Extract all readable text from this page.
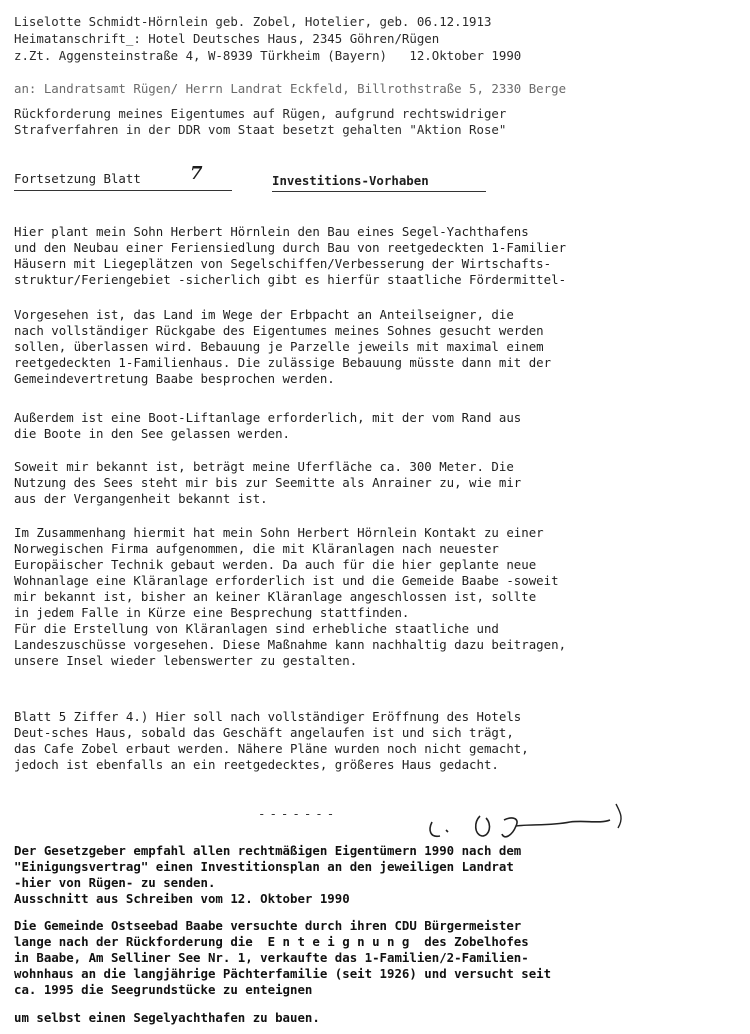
Liselotte Schmidt-Hörnlein geb. Zobel, Hotelier, geb. 06.12.1913
Heimatanschrift_: Hotel Deutsches Haus, 2345 Göhren/Rügen
z.Zt. Aggensteinstraße 4, W-8939 Türkheim (Bayern)   12.Oktober 1990
an: Landratsamt Rügen/ Herrn Landrat Eckfeld, Billrothstraße 5, 2330 Berge
Rückforderung meines Eigentumes auf Rügen, aufgrund rechtswidriger
Strafverfahren in der DDR vom Staat besetzt gehalten "Aktion Rose"
Fortsetzung Blatt	7	Investitions-Vorhaben
Hier plant mein Sohn Herbert Hörnlein den Bau eines Segel-Yachthafens
und den Neubau einer Feriensiedlung durch Bau von reetgedeckten 1-Familier
Häusern mit Liegeplätzen von Segelschiffen/Verbesserung der Wirtschafts-
struktur/Feriengebiet -sicherlich gibt es hierfür staatliche Fördermittel-
Vorgesehen ist, das Land im Wege der Erbpacht an Anteilseigner, die
nach vollständiger Rückgabe des Eigentumes meines Sohnes gesucht werden
sollen, überlassen wird. Bebauung je Parzelle jeweils mit maximal einem
reetgedeckten 1-Familienhaus. Die zulässige Bebauung müsste dann mit der
Gemeindevertretung Baabe besprochen werden.
Außerdem ist eine Boot-Liftanlage erforderlich, mit der vom Rand aus
die Boote in den See gelassen werden.
Soweit mir bekannt ist, beträgt meine Uferfläche ca. 300 Meter. Die
Nutzung des Sees steht mir bis zur Seemitte als Anrainer zu, wie mir
aus der Vergangenheit bekannt ist.
Im Zusammenhang hiermit hat mein Sohn Herbert Hörnlein Kontakt zu einer
Norwegischen Firma aufgenommen, die mit Kläranlagen nach neuester
Europäischer Technik gebaut werden. Da auch für die hier geplante neue
Wohnanlage eine Kläranlage erforderlich ist und die Gemeide Baabe -soweit
mir bekannt ist, bisher an keiner Kläranlage angeschlossen ist, sollte
in jedem Falle in Kürze eine Besprechung stattfinden.
Für die Erstellung von Kläranlagen sind erhebliche staatliche und
Landeszuschüsse vorgesehen. Diese Maßnahme kann nachhaltig dazu beitragen,
unsere Insel wieder lebenswerter zu gestalten.
Blatt 5 Ziffer 4.) Hier soll nach vollständiger Eröffnung des Hotels
Deut-sches Haus, sobald das Geschäft angelaufen ist und sich trägt,
das Cafe Zobel erbaut werden. Nähere Pläne wurden noch nicht gemacht,
jedoch ist ebenfalls an ein reetgedecktes, größeres Haus gedacht.
-------
Der Gesetzgeber empfahl allen rechtmäßigen Eigentümern 1990 nach dem
"Einigungsvertrag" einen Investitionsplan an den jeweiligen Landrat
-hier von Rügen- zu senden.
Ausschnitt aus Schreiben vom 12. Oktober 1990
Die Gemeinde Ostseebad Baabe versuchte durch ihren CDU Bürgermeister
lange nach der Rückforderung die  E n t e i g n u n g  des Zobelhofes
in Baabe, Am Selliner See Nr. 1, verkaufte das 1-Familien/2-Familien-
wohnhaus an die langjährige Pächterfamilie (seit 1926) und versucht seit
ca. 1995 die Seegrundstücke zu enteignen
um selbst einen Segelyachthafen zu bauen.
